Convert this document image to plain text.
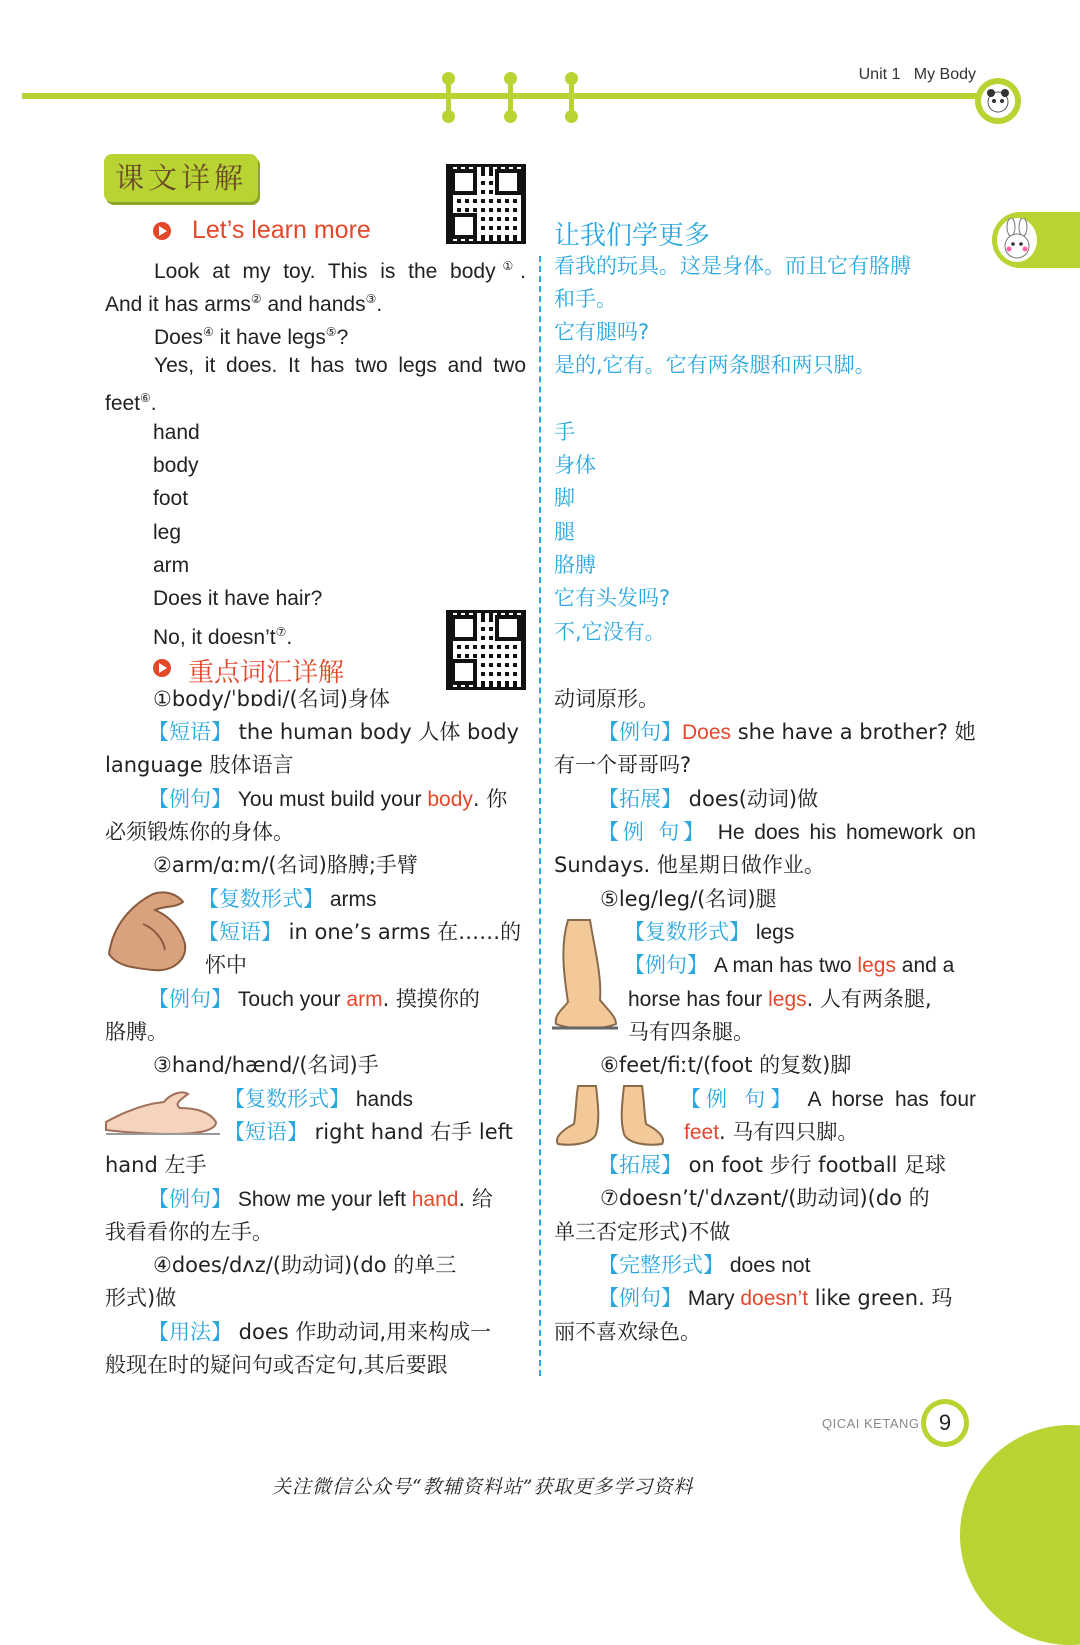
Unit 1 My Body
课文详解
Let’s learn more	让我们学更多
重点词汇详解
Look at my toy. This is the body①.
And it has arms② and hands③.
Does④ it have legs⑤?
Yes, it does. It has two legs and two
feet⑥.
hand
body
foot
leg
arm
Does it have hair?
No, it doesn’t⑦.
看我的玩具。这是身体。而且它有胳膊
和手。
它有腿吗?
是的,它有。它有两条腿和两只脚。
手
身体
脚
腿
胳膊
它有头发吗?
不,它没有。
①body/ˈbɒdi/(名词)身体
【短语】 the human body 人体 body
language 肢体语言
【例句】 You must build your body. 你
必须锻炼你的身体。
②arm/ɑːm/(名词)胳膊;手臂
【复数形式】 arms
【短语】 in one’s arms 在……的
怀中
【例句】 Touch your arm. 摸摸你的
胳膊。
③hand/hænd/(名词)手
【复数形式】 hands
【短语】 right hand 右手 left
hand 左手
【例句】 Show me your left hand. 给
我看看你的左手。
④does/dʌz/(助动词)(do 的单三
形式)做
【用法】 does 作助动词,用来构成一
般现在时的疑问句或否定句,其后要跟
动词原形。
【例句】Does she have a brother? 她
有一个哥哥吗?
【拓展】 does(动词)做
【例 句】 He does his homework on
Sundays. 他星期日做作业。
⑤leg/leg/(名词)腿
【复数形式】 legs
【例句】 A man has two legs and a
horse has four legs. 人有两条腿,
马有四条腿。
⑥feet/fiːt/(foot 的复数)脚
【例 句】 A horse has four
feet. 马有四只脚。
【拓展】 on foot 步行 football 足球
⑦doesn’t/ˈdʌzənt/(助动词)(do 的
单三否定形式)不做
【完整形式】 does not
【例句】 Mary doesn’t like green. 玛
丽不喜欢绿色。
QICAI KETANG 9
关注微信公众号“教辅资料站”获取更多学习资料
